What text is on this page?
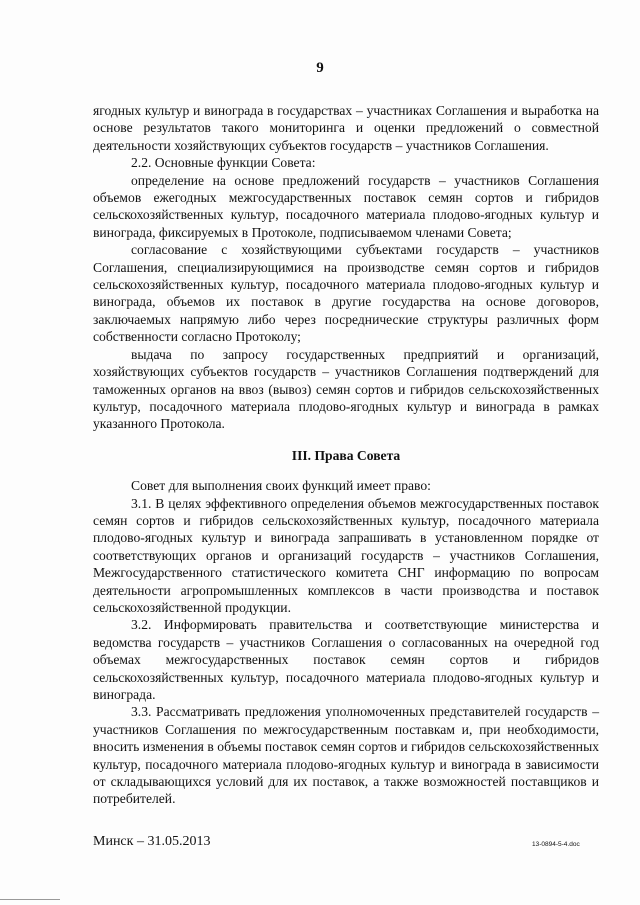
9

ягодных культур и винограда в государствах – участниках Соглашения и выработка на основе результатов такого мониторинга и оценки предложений о совместной деятельности хозяйствующих субъектов государств – участников Соглашения.

2.2. Основные функции Совета:

определение на основе предложений государств – участников Соглашения объемов ежегодных межгосударственных поставок семян сортов и гибридов сельскохозяйственных культур, посадочного материала плодово-ягодных культур и винограда, фиксируемых в Протоколе, подписываемом членами Совета;

согласование с хозяйствующими субъектами государств – участников Соглашения, специализирующимися на производстве семян сортов и гибридов сельскохозяйственных культур, посадочного материала плодово-ягодных культур и винограда, объемов их поставок в другие государства на основе договоров, заключаемых напрямую либо через посреднические структуры различных форм собственности согласно Протоколу;

выдача по запросу государственных предприятий и организаций, хозяйствующих субъектов государств – участников Соглашения подтверждений для таможенных органов на ввоз (вывоз) семян сортов и гибридов сельскохозяйственных культур, посадочного материала плодово-ягодных культур и винограда в рамках указанного Протокола.

III. Права Совета

Совет для выполнения своих функций имеет право:

3.1. В целях эффективного определения объемов межгосударственных поставок семян сортов и гибридов сельскохозяйственных культур, посадочного материала плодово-ягодных культур и винограда запрашивать в установленном порядке от соответствующих органов и организаций государств – участников Соглашения, Межгосударственного статистического комитета СНГ информацию по вопросам деятельности агропромышленных комплексов в части производства и поставок сельскохозяйственной продукции.

3.2. Информировать правительства и соответствующие министерства и ведомства государств – участников Соглашения о согласованных на очередной год объемах межгосударственных поставок семян сортов и гибридов сельскохозяйственных культур, посадочного материала плодово-ягодных культур и винограда.

3.3. Рассматривать предложения уполномоченных представителей государств – участников Соглашения по межгосударственным поставкам и, при необходимости, вносить изменения в объемы поставок семян сортов и гибридов сельскохозяйственных культур, посадочного материала плодово-ягодных культур и винограда в зависимости от складывающихся условий для их поставок, а также возможностей поставщиков и потребителей.

Минск – 31.05.2013	13-0894-5-4.doc
